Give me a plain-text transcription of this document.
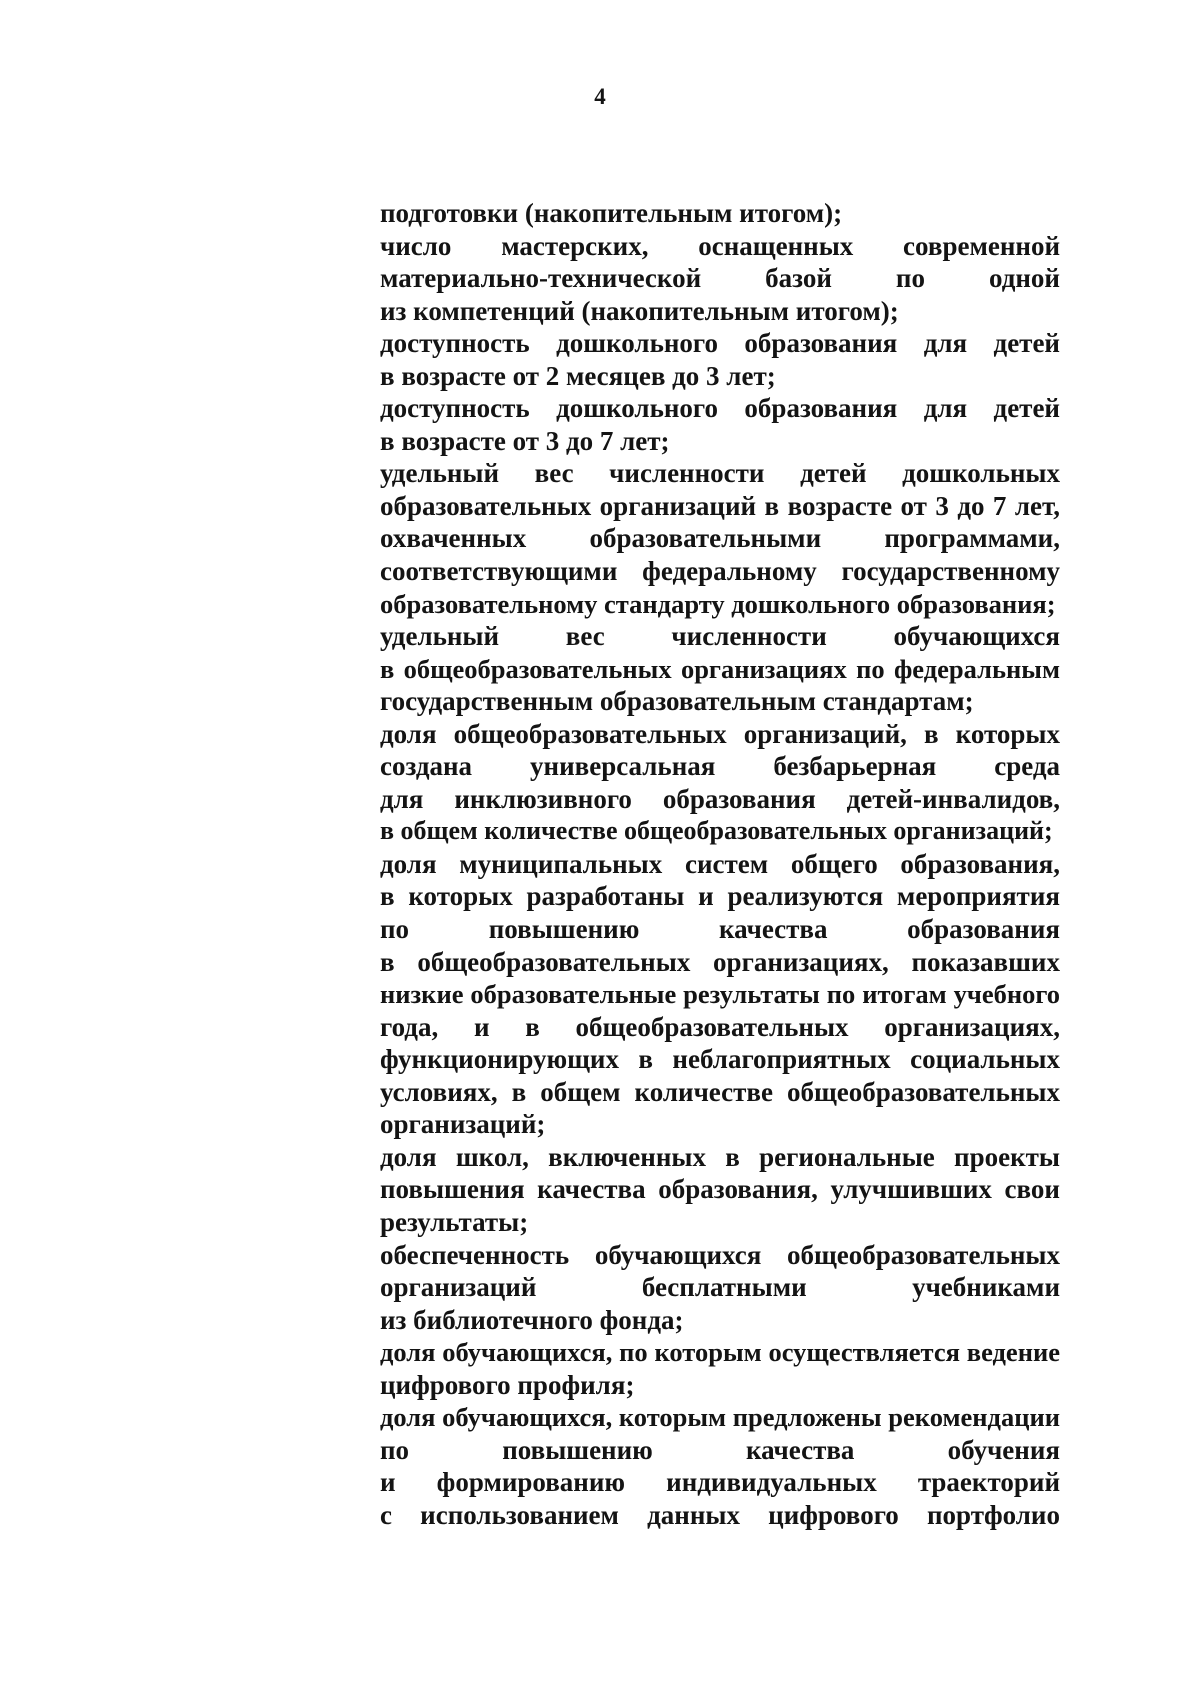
4
подготовки (накопительным итогом);
число мастерских, оснащенных современной
материально-технической базой по одной
из компетенций (накопительным итогом);
доступность дошкольного образования для детей
в возрасте от 2 месяцев до 3 лет;
доступность дошкольного образования для детей
в возрасте от 3 до 7 лет;
удельный вес численности детей дошкольных
образовательных организаций в возрасте от 3 до 7 лет,
охваченных образовательными программами,
соответствующими федеральному государственному
образовательному стандарту дошкольного образования;
удельный вес численности обучающихся
в общеобразовательных организациях по федеральным
государственным образовательным стандартам;
доля общеобразовательных организаций, в которых
создана универсальная безбарьерная среда
для инклюзивного образования детей-инвалидов,
в общем количестве общеобразовательных организаций;
доля муниципальных систем общего образования,
в которых разработаны и реализуются мероприятия
по повышению качества образования
в общеобразовательных организациях, показавших
низкие образовательные результаты по итогам учебного
года, и в общеобразовательных организациях,
функционирующих в неблагоприятных социальных
условиях, в общем количестве общеобразовательных
организаций;
доля школ, включенных в региональные проекты
повышения качества образования, улучшивших свои
результаты;
обеспеченность обучающихся общеобразовательных
организаций бесплатными учебниками
из библиотечного фонда;
доля обучающихся, по которым осуществляется ведение
цифрового профиля;
доля обучающихся, которым предложены рекомендации
по повышению качества обучения
и формированию индивидуальных траекторий
с использованием данных цифрового портфолио
